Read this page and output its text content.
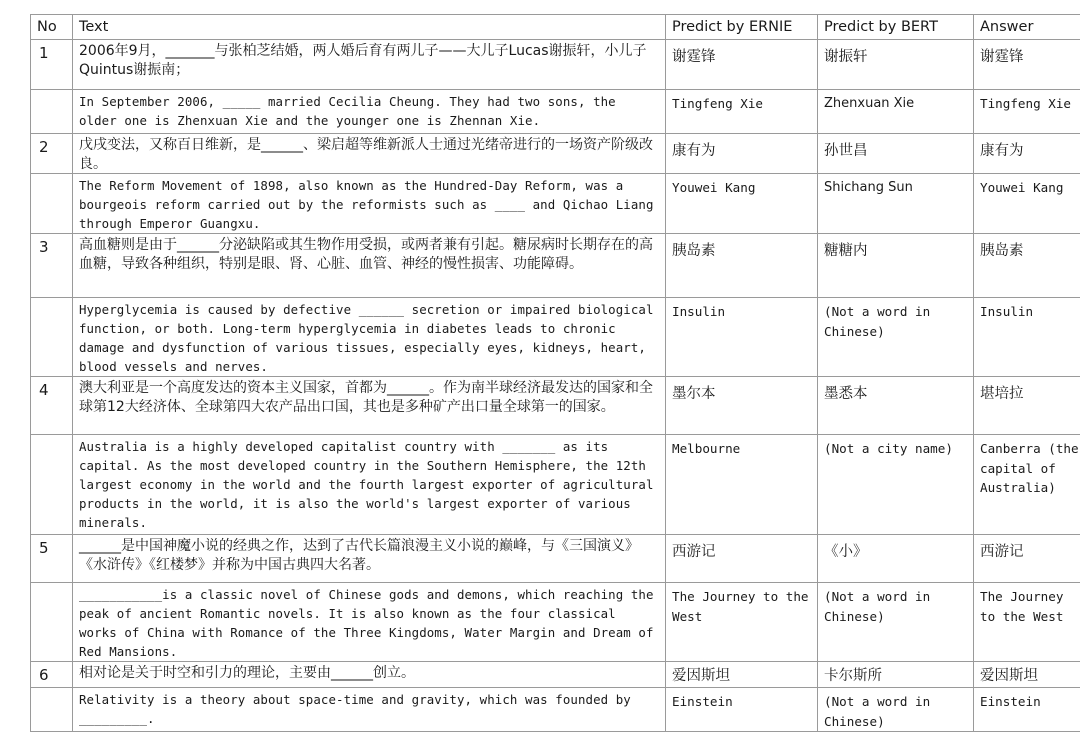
No	Text	Predict by ERNIE	Predict by BERT	Answer
1	2006年9月，_______与张柏芝结婚，两人婚后育有两儿子——大儿子Lucas谢振轩，小儿子Quintus谢振南；	谢霆锋	谢振轩	谢霆锋
	In September 2006, _____ married Cecilia Cheung. They had two sons, the older one is Zhenxuan Xie and the younger one is Zhennan Xie.	Tingfeng Xie	Zhenxuan Xie	Tingfeng Xie
2	戊戌变法，又称百日维新，是______、梁启超等维新派人士通过光绪帝进行的一场资产阶级改良。	康有为	孙世昌	康有为
	The Reform Movement of 1898, also known as the Hundred-Day Reform, was a bourgeois reform carried out by the reformists such as ____ and Qichao Liang through Emperor Guangxu.	Youwei Kang	Shichang Sun	Youwei Kang
3	高血糖则是由于______分泌缺陷或其生物作用受损，或两者兼有引起。糖尿病时长期存在的高血糖，导致各种组织，特别是眼、肾、心脏、血管、神经的慢性损害、功能障碍。	胰岛素	糖糖内	胰岛素
	Hyperglycemia is caused by defective ______ secretion or impaired biological function, or both. Long-term hyperglycemia in diabetes leads to chronic damage and dysfunction of various tissues, especially eyes, kidneys, heart, blood vessels and nerves.	Insulin	(Not a word in Chinese)	Insulin
4	澳大利亚是一个高度发达的资本主义国家，首都为______。作为南半球经济最发达的国家和全球第12大经济体、全球第四大农产品出口国，其也是多种矿产出口量全球第一的国家。	墨尔本	墨悉本	堪培拉
	Australia is a highly developed capitalist country with _______ as its capital. As the most developed country in the Southern Hemisphere, the 12th largest economy in the world and the fourth largest exporter of agricultural products in the world, it is also the world's largest exporter of various minerals.	Melbourne	(Not a city name)	Canberra (the capital of Australia)
5	______是中国神魔小说的经典之作，达到了古代长篇浪漫主义小说的巅峰，与《三国演义》《水浒传》《红楼梦》并称为中国古典四大名著。	西游记	《小》	西游记
	___________is a classic novel of Chinese gods and demons, which reaching the peak of ancient Romantic novels. It is also known as the four classical works of China with Romance of the Three Kingdoms, Water Margin and Dream of Red Mansions.	The Journey to the West	(Not a word in Chinese)	The Journey to the West
6	相对论是关于时空和引力的理论，主要由______创立。	爱因斯坦	卡尔斯所	爱因斯坦
	Relativity is a theory about space-time and gravity, which was founded by _________.	Einstein	(Not a word in Chinese)	Einstein
